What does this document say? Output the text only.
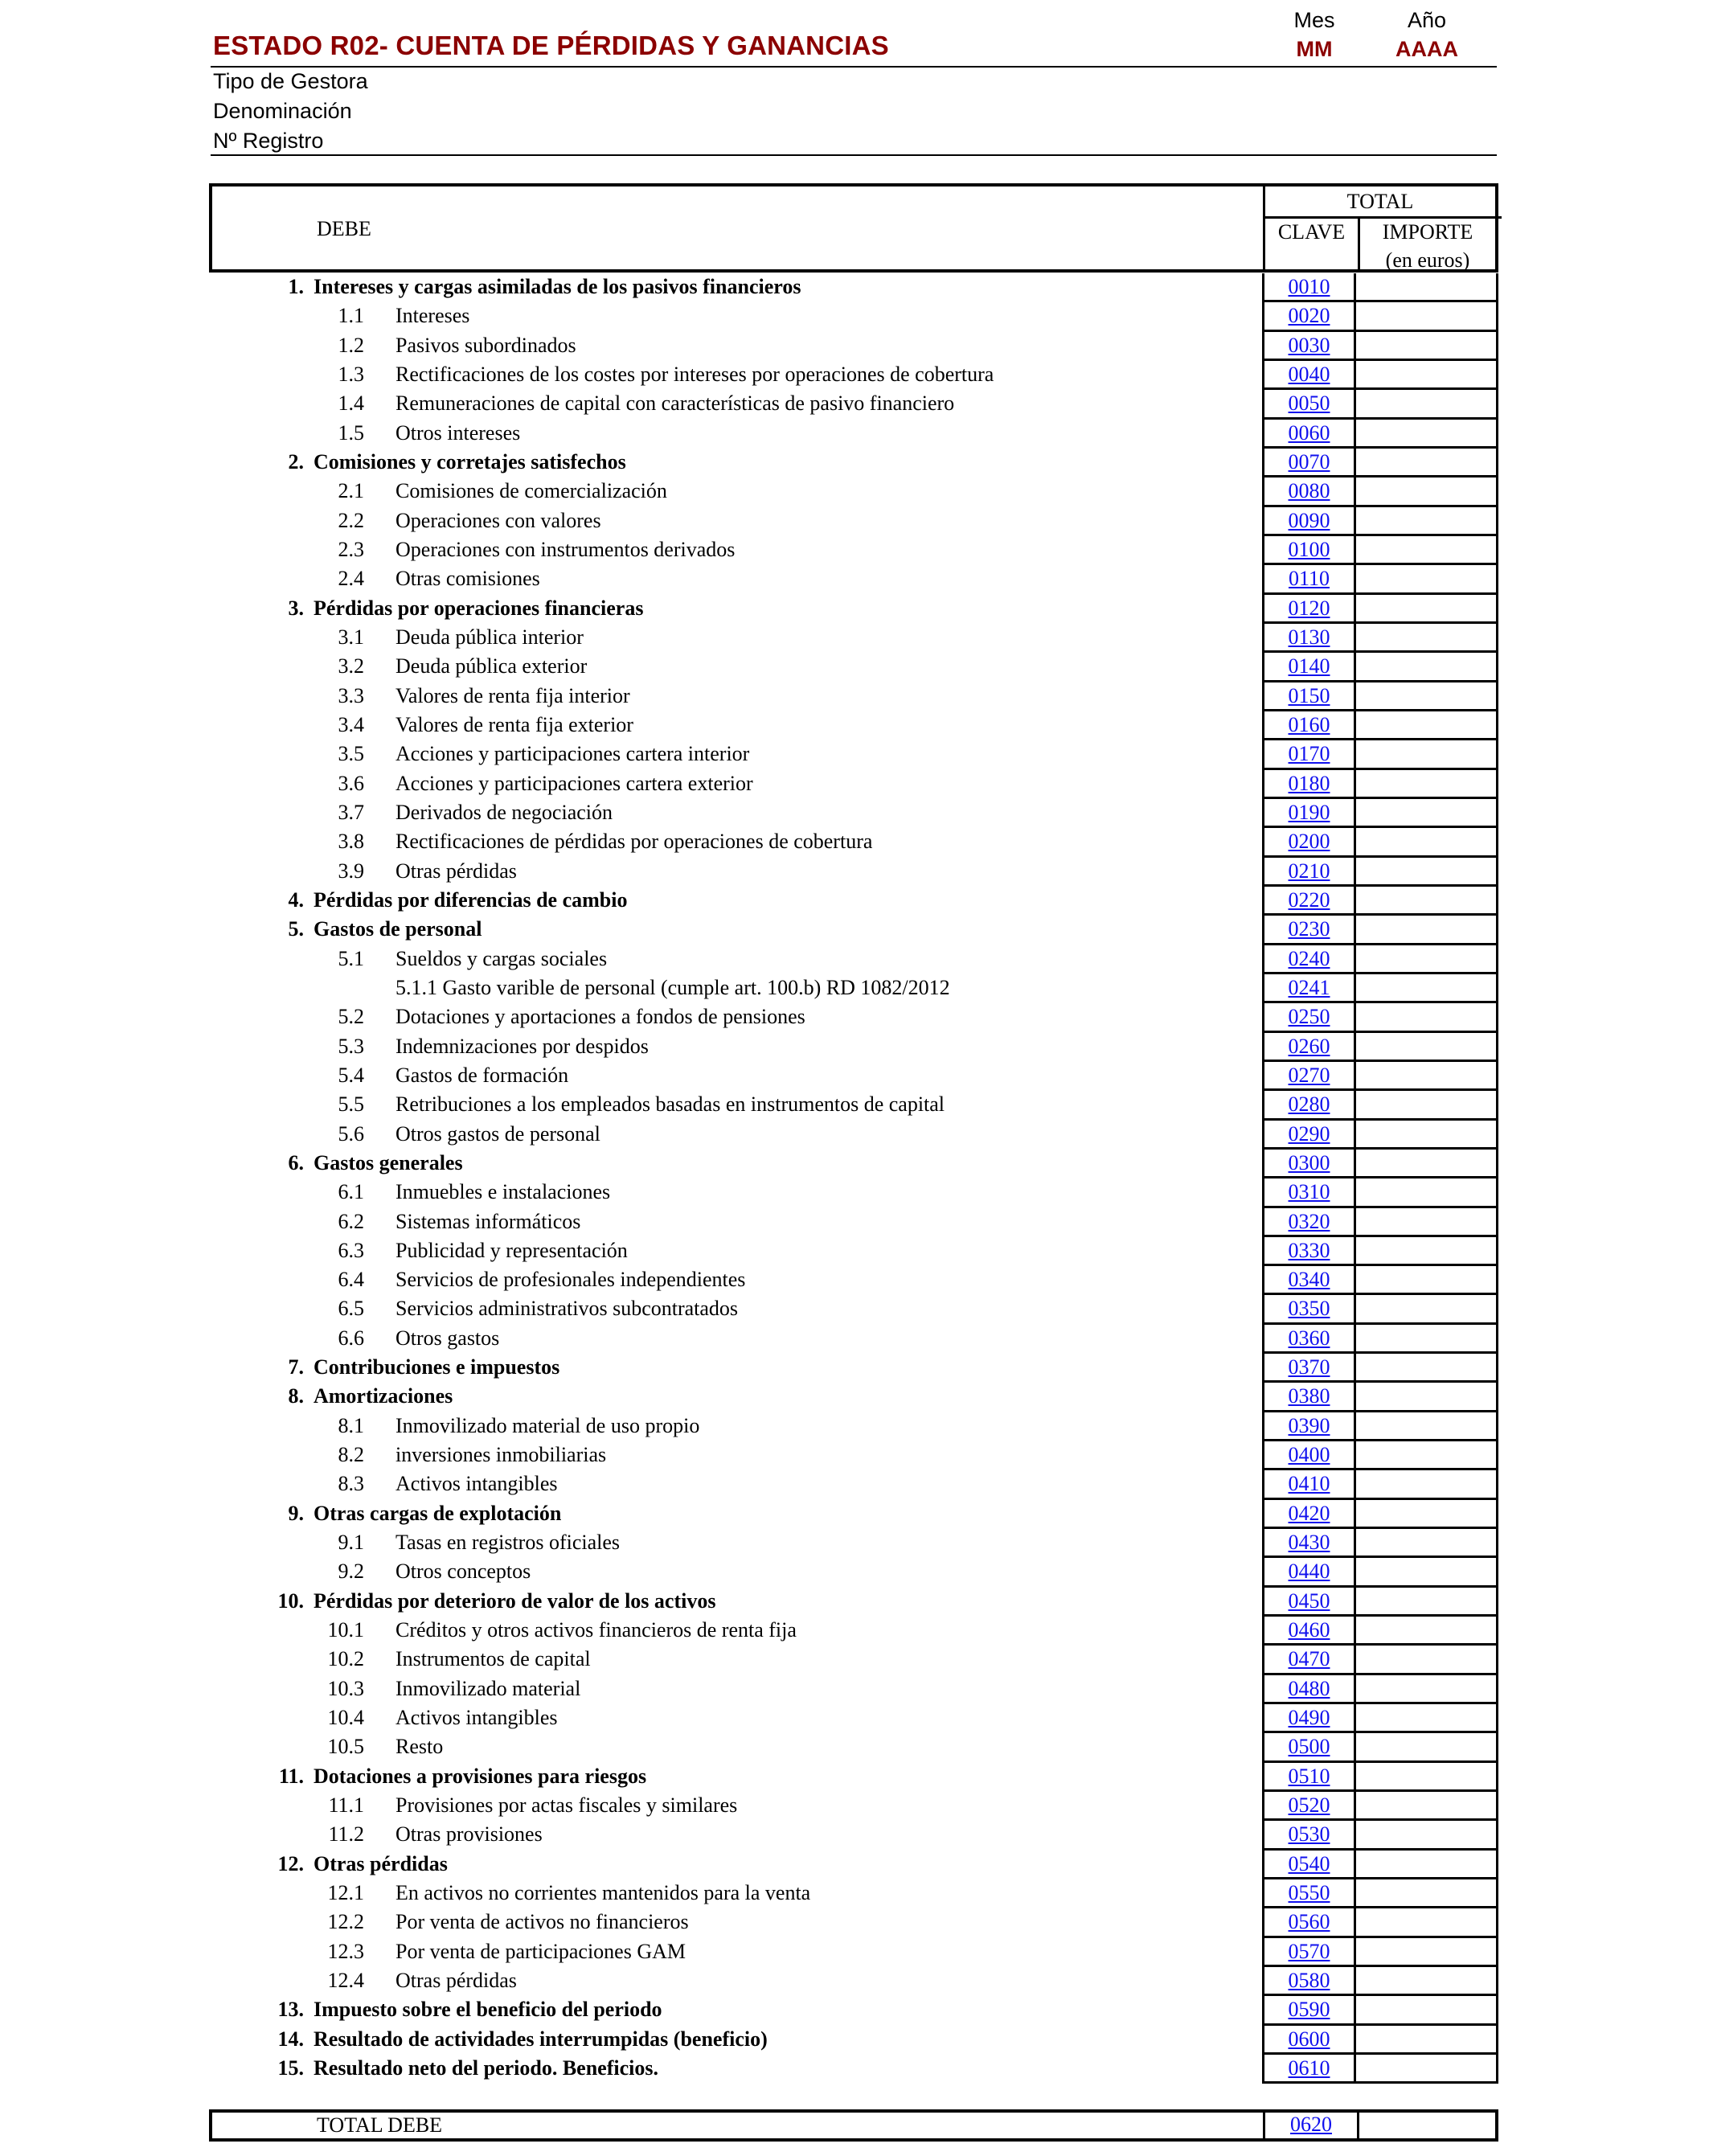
ESTADO R02- CUENTA DE PÉRDIDAS Y GANANCIAS
Mes
MM
Año
AAAA
Tipo de Gestora
Denominación
Nº Registro
DEBE
TOTAL
CLAVE	IMPORTE
(en euros)
1. Intereses y cargas asimiladas de los pasivos financieros	0010
1.1 Intereses	0020
1.2 Pasivos subordinados	0030
1.3 Rectificaciones de los costes por intereses por operaciones de cobertura	0040
1.4 Remuneraciones de capital con características de pasivo financiero	0050
1.5 Otros intereses	0060
2. Comisiones y corretajes satisfechos	0070
2.1 Comisiones de comercialización	0080
2.2 Operaciones con valores	0090
2.3 Operaciones con instrumentos derivados	0100
2.4 Otras comisiones	0110
3. Pérdidas por operaciones financieras	0120
3.1 Deuda pública interior	0130
3.2 Deuda pública exterior	0140
3.3 Valores de renta fija interior	0150
3.4 Valores de renta fija exterior	0160
3.5 Acciones y participaciones cartera interior	0170
3.6 Acciones y participaciones cartera exterior	0180
3.7 Derivados de negociación	0190
3.8 Rectificaciones de pérdidas por operaciones de cobertura	0200
3.9 Otras pérdidas	0210
4. Pérdidas por diferencias de cambio	0220
5. Gastos de personal	0230
5.1 Sueldos y cargas sociales	0240
5.1.1 Gasto varible de personal (cumple art. 100.b) RD 1082/2012	0241
5.2 Dotaciones y aportaciones a fondos de pensiones	0250
5.3 Indemnizaciones por despidos	0260
5.4 Gastos de formación	0270
5.5 Retribuciones a los empleados basadas en instrumentos de capital	0280
5.6 Otros gastos de personal	0290
6. Gastos generales	0300
6.1 Inmuebles e instalaciones	0310
6.2 Sistemas informáticos	0320
6.3 Publicidad y representación	0330
6.4 Servicios de profesionales independientes	0340
6.5 Servicios administrativos subcontratados	0350
6.6 Otros gastos	0360
7. Contribuciones e impuestos	0370
8. Amortizaciones	0380
8.1 Inmovilizado material de uso propio	0390
8.2 inversiones inmobiliarias	0400
8.3 Activos intangibles	0410
9. Otras cargas de explotación	0420
9.1 Tasas en registros oficiales	0430
9.2 Otros conceptos	0440
10. Pérdidas por deterioro de valor de los activos	0450
10.1 Créditos y otros activos financieros de renta fija	0460
10.2 Instrumentos de capital	0470
10.3 Inmovilizado material	0480
10.4 Activos intangibles	0490
10.5 Resto	0500
11. Dotaciones a provisiones para riesgos	0510
11.1 Provisiones por actas fiscales y similares	0520
11.2 Otras provisiones	0530
12. Otras pérdidas	0540
12.1 En activos no corrientes mantenidos para la venta	0550
12.2 Por venta de activos no financieros	0560
12.3 Por venta de participaciones GAM	0570
12.4 Otras pérdidas	0580
13. Impuesto sobre el beneficio del periodo	0590
14. Resultado de actividades interrumpidas (beneficio)	0600
15. Resultado neto del periodo. Beneficios.	0610
TOTAL DEBE	0620
